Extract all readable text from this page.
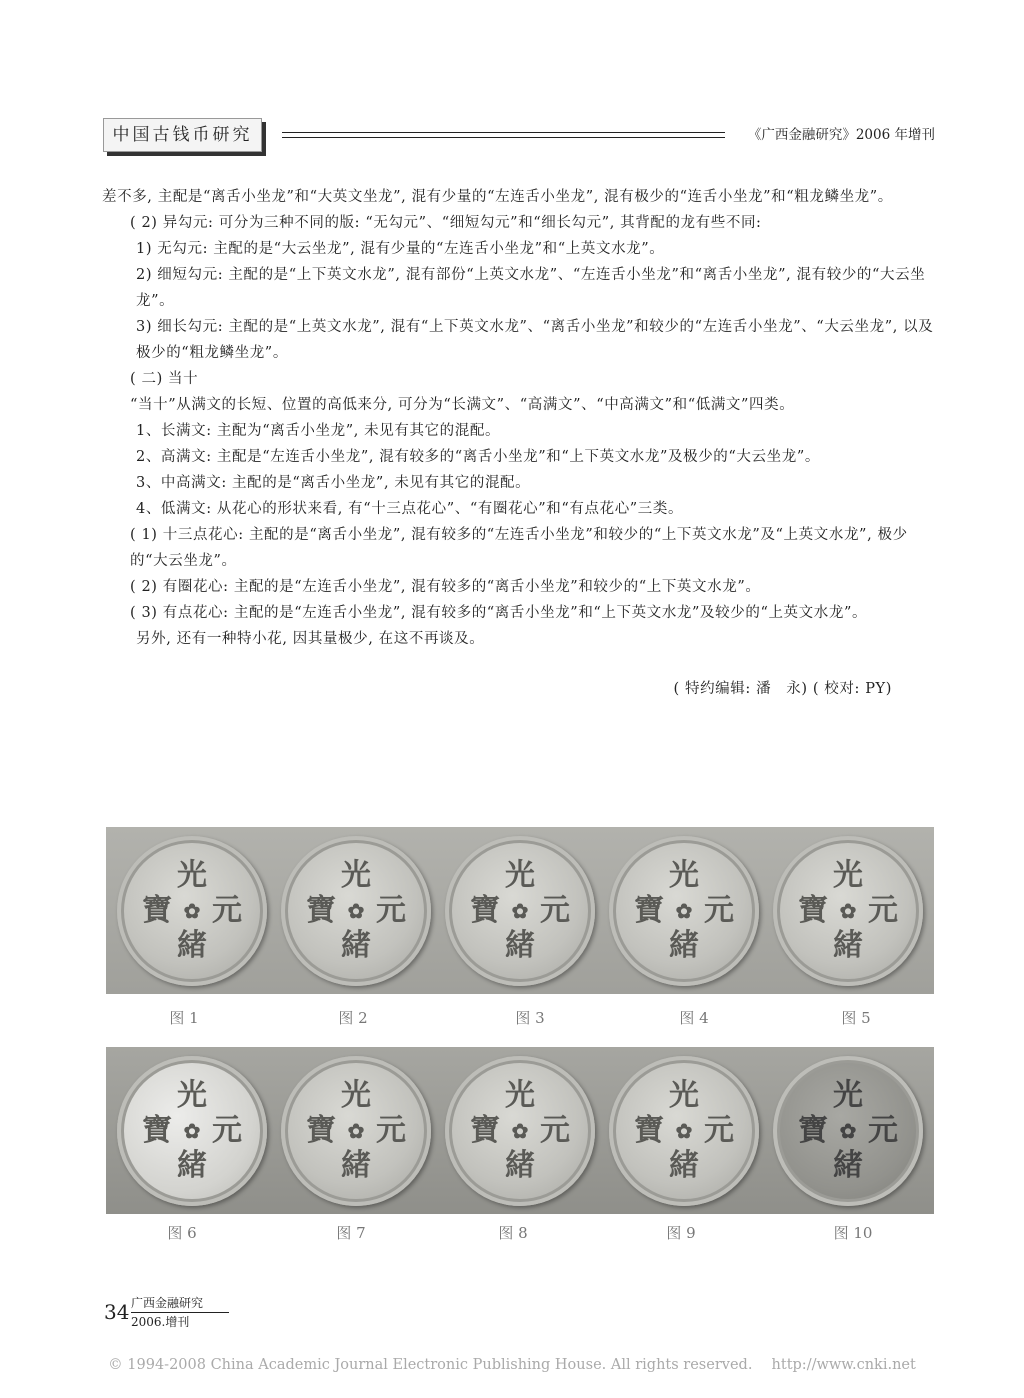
中国古钱币研究	《广西金融研究》2006 年增刊

差不多, 主配是“离舌小坐龙”和“大英文坐龙”, 混有少量的“左连舌小坐龙”, 混有极少的“连舌小坐龙”和“粗龙鳞坐龙”。

( 2) 异勾元: 可分为三种不同的版: “无勾元”、“细短勾元”和“细长勾元”, 其背配的龙有些不同:

1) 无勾元: 主配的是“大云坐龙”, 混有少量的“左连舌小坐龙”和“上英文水龙”。

2) 细短勾元: 主配的是“上下英文水龙”, 混有部份“上英文水龙”、“左连舌小坐龙”和“离舌小坐龙”, 混有较少的“大云坐龙”。

3) 细长勾元: 主配的是“上英文水龙”, 混有“上下英文水龙”、“离舌小坐龙”和较少的“左连舌小坐龙”、“大云坐龙”, 以及极少的“粗龙鳞坐龙”。

( 二) 当十

“当十”从满文的长短、位置的高低来分, 可分为“长满文”、“高满文”、“中高满文”和“低满文”四类。

1、长满文: 主配为“离舌小坐龙”, 未见有其它的混配。

2、高满文: 主配是“左连舌小坐龙”, 混有较多的“离舌小坐龙”和“上下英文水龙”及极少的“大云坐龙”。

3、中高满文: 主配的是“离舌小坐龙”, 未见有其它的混配。

4、低满文: 从花心的形状来看, 有“十三点花心”、“有圈花心”和“有点花心”三类。

( 1) 十三点花心: 主配的是“离舌小坐龙”, 混有较多的“左连舌小坐龙”和较少的“上下英文水龙”及“上英文水龙”, 极少的“大云坐龙”。

( 2) 有圈花心: 主配的是“左连舌小坐龙”, 混有较多的“离舌小坐龙”和较少的“上下英文水龙”。

( 3) 有点花心: 主配的是“左连舌小坐龙”, 混有较多的“离舌小坐龙”和“上下英文水龙”及较少的“上英文水龙”。

另外, 还有一种特小花, 因其量极少, 在这不再谈及。

( 特约编辑: 潘　永) ( 校对: PY)

光
寶 元
緒
✿
光
寶 元
緒
✿
光
寶 元
緒
✿
光
寶 元
緒
✿
光
寶 元
緒
✿
图 1	图 2	图 3	图 4	图 5
光
寶 元
緒
✿
光
寶 元
緒
✿
光
寶 元
緒
✿
光
寶 元
緒
✿
光
寶 元
緒
✿
图 6	图 7	图 8	图 9	图 10
34 广西金融研究
2006.增刊
© 1994-2008 China Academic Journal Electronic Publishing House. All rights reserved.　 http://www.cnki.net
